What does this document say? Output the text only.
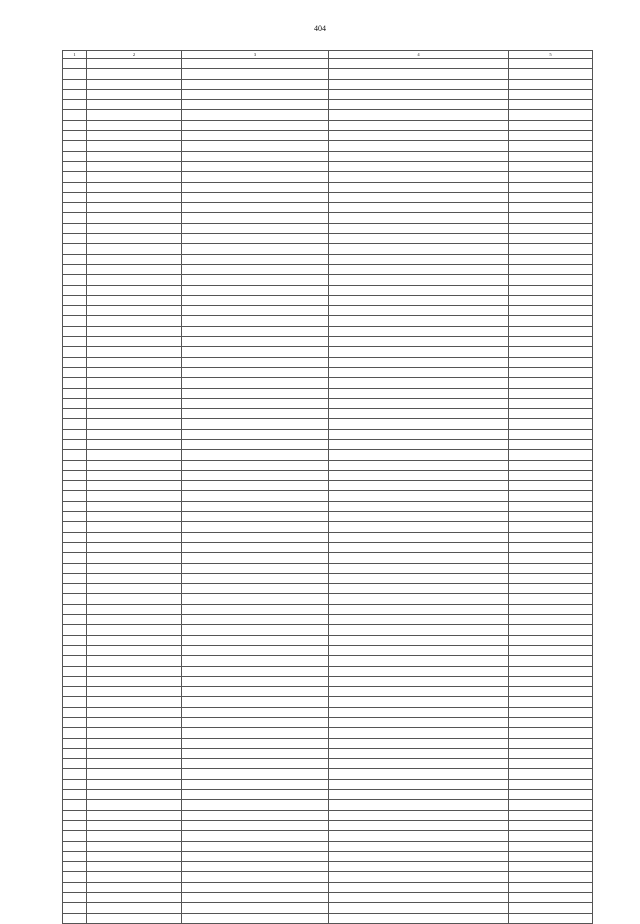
404
1	2	3	4	5
